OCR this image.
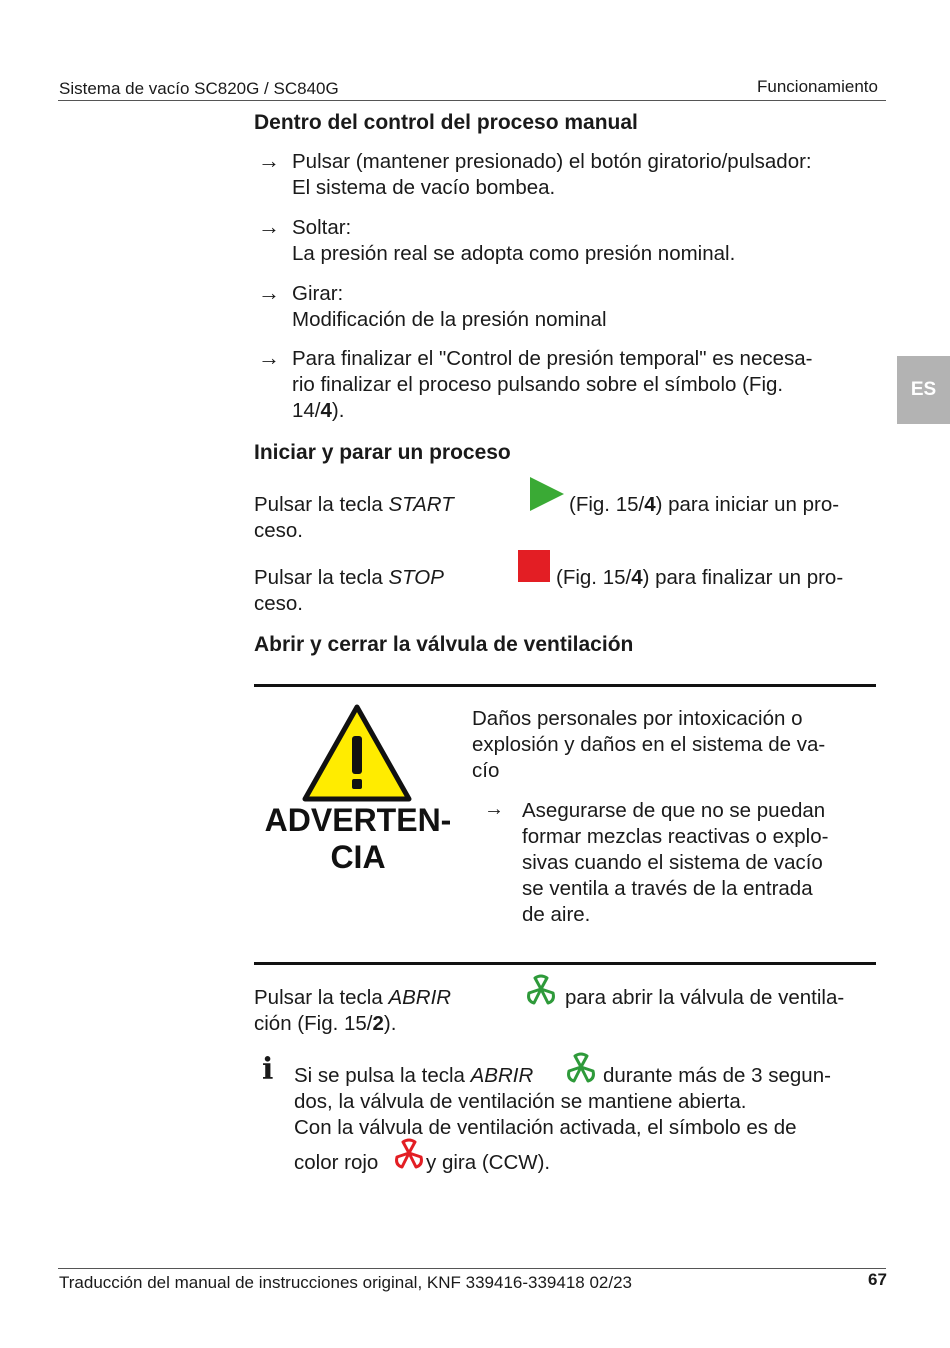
Sistema de vacío SC820G / SC840G	Funcionamiento
ES
Dentro del control del proceso manual
→ Pulsar (mantener presionado) el botón giratorio/pulsador:
El sistema de vacío bombea.
→ Soltar:
La presión real se adopta como presión nominal.
→ Girar:
Modificación de la presión nominal
→ Para finalizar el "Control de presión temporal" es necesa-
rio finalizar el proceso pulsando sobre el símbolo (Fig.
14/4).
Iniciar y parar un proceso
Pulsar la tecla START
ceso.
(Fig. 15/4) para iniciar un pro-
Pulsar la tecla STOP
ceso.
(Fig. 15/4) para finalizar un pro-
Abrir y cerrar la válvula de ventilación
ADVERTEN-
CIA
Daños personales por intoxicación o
explosión y daños en el sistema de va-
cío
→ Asegurarse de que no se puedan
formar mezclas reactivas o explo-
sivas cuando el sistema de vacío
se ventila a través de la entrada
de aire.
Pulsar la tecla ABRIR
ción (Fig. 15/2).
para abrir la válvula de ventila-
i Si se pulsa la tecla ABRIR	durante más de 3 segun-
dos, la válvula de ventilación se mantiene abierta.
Con la válvula de ventilación activada, el símbolo es de
color rojo y gira (CCW).
Traducción del manual de instrucciones original, KNF 339416-339418 02/23	67
